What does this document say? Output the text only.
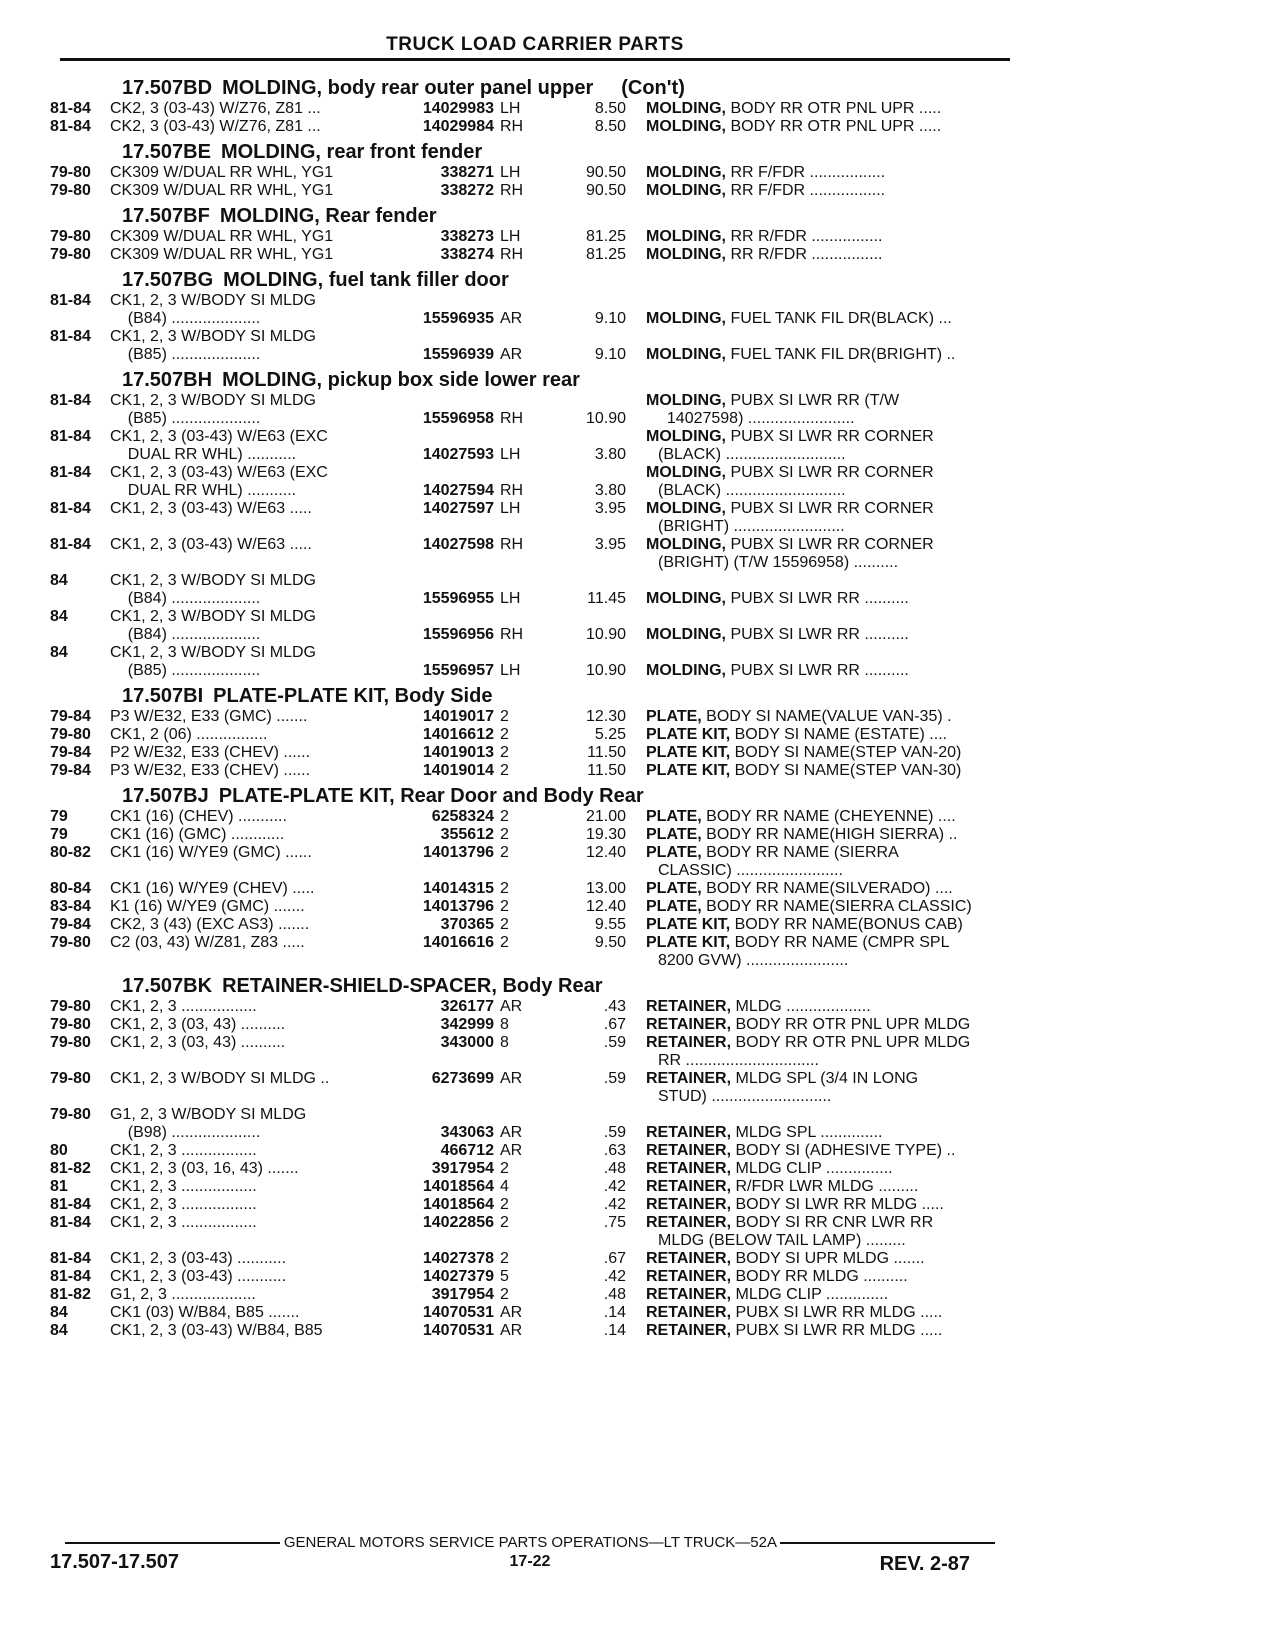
TRUCK LOAD CARRIER PARTS
17.507BD MOLDING, body rear outer panel upper (Con't)
81-84	CK2, 3 (03-43) W/Z76, Z81 ...	14029983 LH	8.50 MOLDING, BODY RR OTR PNL UPR .....
81-84	CK2, 3 (03-43) W/Z76, Z81 ...	14029984 RH	8.50 MOLDING, BODY RR OTR PNL UPR .....
17.507BE MOLDING, rear front fender
79-80	CK309 W/DUAL RR WHL, YG1	338271 LH	90.50 MOLDING, RR F/FDR .................
79-80	CK309 W/DUAL RR WHL, YG1	338272 RH	90.50 MOLDING, RR F/FDR .................
17.507BF MOLDING, Rear fender
79-80	CK309 W/DUAL RR WHL, YG1	338273 LH	81.25 MOLDING, RR R/FDR ................
79-80	CK309 W/DUAL RR WHL, YG1	338274 RH	81.25 MOLDING, RR R/FDR ................
17.507BG MOLDING, fuel tank filler door
81-84	CK1, 2, 3 W/BODY SI MLDG
(B84) ....................	15596935 AR	9.10 MOLDING, FUEL TANK FIL DR(BLACK) ...
81-84	CK1, 2, 3 W/BODY SI MLDG
(B85) ....................	15596939 AR	9.10 MOLDING, FUEL TANK FIL DR(BRIGHT) ..
17.507BH MOLDING, pickup box side lower rear
81-84	CK1, 2, 3 W/BODY SI MLDG
(B85) ....................	15596958 RH	10.90
MOLDING, PUBX SI LWR RR (T/W
14027598) ........................
81-84	CK1, 2, 3 (03-43) W/E63 (EXC
DUAL RR WHL) ...........	14027593 LH	3.80
MOLDING, PUBX SI LWR RR CORNER
(BLACK) ...........................
81-84	CK1, 2, 3 (03-43) W/E63 (EXC
DUAL RR WHL) ...........	14027594 RH	3.80
MOLDING, PUBX SI LWR RR CORNER
(BLACK) ...........................
81-84	CK1, 2, 3 (03-43) W/E63 .....	14027597 LH	3.95 MOLDING, PUBX SI LWR RR CORNER
(BRIGHT) .........................
81-84	CK1, 2, 3 (03-43) W/E63 .....	14027598 RH	3.95 MOLDING, PUBX SI LWR RR CORNER
(BRIGHT) (T/W 15596958) ..........
84	CK1, 2, 3 W/BODY SI MLDG
(B84) ....................	15596955 LH	11.45 MOLDING, PUBX SI LWR RR ..........
84	CK1, 2, 3 W/BODY SI MLDG
(B84) ....................	15596956 RH	10.90 MOLDING, PUBX SI LWR RR ..........
84	CK1, 2, 3 W/BODY SI MLDG
(B85) ....................	15596957 LH	10.90 MOLDING, PUBX SI LWR RR ..........
17.507BI PLATE-PLATE KIT, Body Side
79-84	P3 W/E32, E33 (GMC) .......	14019017 2	12.30 PLATE, BODY SI NAME(VALUE VAN-35) .
79-80	CK1, 2 (06) ................	14016612 2	5.25 PLATE KIT, BODY SI NAME (ESTATE) ....
79-84	P2 W/E32, E33 (CHEV) ......	14019013 2	11.50 PLATE KIT, BODY SI NAME(STEP VAN-20)
79-84	P3 W/E32, E33 (CHEV) ......	14019014 2	11.50 PLATE KIT, BODY SI NAME(STEP VAN-30)
17.507BJ PLATE-PLATE KIT, Rear Door and Body Rear
79	CK1 (16) (CHEV) ...........	6258324 2	21.00 PLATE, BODY RR NAME (CHEYENNE) ....
79	CK1 (16) (GMC) ............	355612 2	19.30 PLATE, BODY RR NAME(HIGH SIERRA) ..
80-82	CK1 (16) W/YE9 (GMC) ......	14013796 2	12.40 PLATE, BODY RR NAME (SIERRA
CLASSIC) ........................
80-84	CK1 (16) W/YE9 (CHEV) .....	14014315 2	13.00 PLATE, BODY RR NAME(SILVERADO) ....
83-84	K1 (16) W/YE9 (GMC) .......	14013796 2	12.40 PLATE, BODY RR NAME(SIERRA CLASSIC)
79-84	CK2, 3 (43) (EXC AS3) .......	370365 2	9.55 PLATE KIT, BODY RR NAME(BONUS CAB)
79-80	C2 (03, 43) W/Z81, Z83 .....	14016616 2	9.50 PLATE KIT, BODY RR NAME (CMPR SPL
8200 GVW) .......................
17.507BK RETAINER-SHIELD-SPACER, Body Rear
79-80	CK1, 2, 3 .................	326177 AR	.43 RETAINER, MLDG ...................
79-80	CK1, 2, 3 (03, 43) ..........	342999 8	.67 RETAINER, BODY RR OTR PNL UPR MLDG
79-80	CK1, 2, 3 (03, 43) ..........	343000 8	.59 RETAINER, BODY RR OTR PNL UPR MLDG
RR ..............................
79-80	CK1, 2, 3 W/BODY SI MLDG ..	6273699 AR	.59 RETAINER, MLDG SPL (3/4 IN LONG
STUD) ...........................
79-80	G1, 2, 3 W/BODY SI MLDG
(B98) ....................	343063 AR	.59 RETAINER, MLDG SPL ..............
80	CK1, 2, 3 .................	466712 AR	.63 RETAINER, BODY SI (ADHESIVE TYPE) ..
81-82	CK1, 2, 3 (03, 16, 43) .......	3917954 2	.48 RETAINER, MLDG CLIP ...............
81	CK1, 2, 3 .................	14018564 4	.42 RETAINER, R/FDR LWR MLDG .........
81-84	CK1, 2, 3 .................	14018564 2	.42 RETAINER, BODY SI LWR RR MLDG .....
81-84	CK1, 2, 3 .................	14022856 2	.75 RETAINER, BODY SI RR CNR LWR RR
MLDG (BELOW TAIL LAMP) .........
81-84	CK1, 2, 3 (03-43) ...........	14027378 2	.67 RETAINER, BODY SI UPR MLDG .......
81-84	CK1, 2, 3 (03-43) ...........	14027379 5	.42 RETAINER, BODY RR MLDG ..........
81-82	G1, 2, 3 ...................	3917954 2	.48 RETAINER, MLDG CLIP ..............
84	CK1 (03) W/B84, B85 .......	14070531 AR	.14 RETAINER, PUBX SI LWR RR MLDG .....
84	CK1, 2, 3 (03-43) W/B84, B85	14070531 AR	.14 RETAINER, PUBX SI LWR RR MLDG .....
GENERAL MOTORS SERVICE PARTS OPERATIONS—LT TRUCK—52A
17.507-17.507	17-22	REV. 2-87
